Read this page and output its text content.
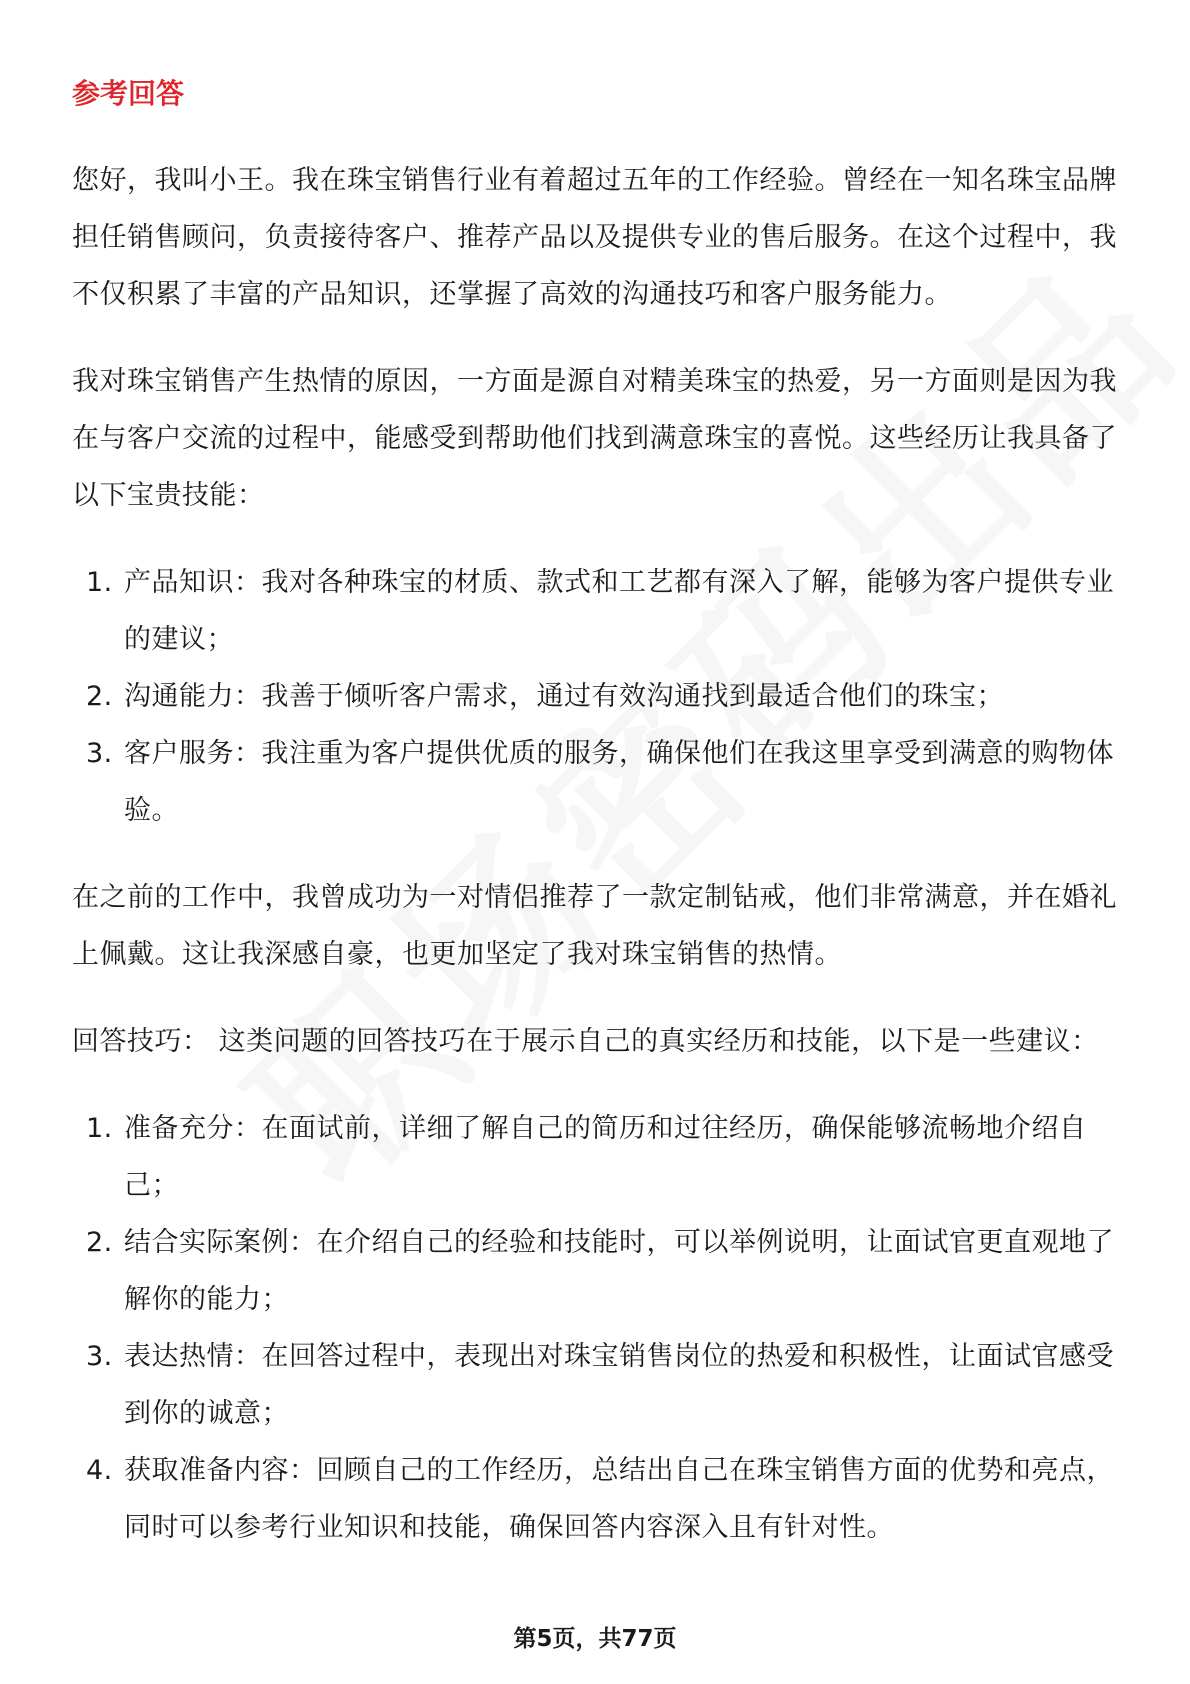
参考回答

您好，我叫小王。我在珠宝销售行业有着超过五年的工作经验。曾经在一知名珠宝品牌担任销售顾问，负责接待客户、推荐产品以及提供专业的售后服务。在这个过程中，我不仅积累了丰富的产品知识，还掌握了高效的沟通技巧和客户服务能力。

我对珠宝销售产生热情的原因，一方面是源自对精美珠宝的热爱，另一方面则是因为我在与客户交流的过程中，能感受到帮助他们找到满意珠宝的喜悦。这些经历让我具备了以下宝贵技能：

1. 产品知识：我对各种珠宝的材质、款式和工艺都有深入了解，能够为客户提供专业的建议；
2. 沟通能力：我善于倾听客户需求，通过有效沟通找到最适合他们的珠宝；
3. 客户服务：我注重为客户提供优质的服务，确保他们在我这里享受到满意的购物体验。

在之前的工作中，我曾成功为一对情侣推荐了一款定制钻戒，他们非常满意，并在婚礼上佩戴。这让我深感自豪，也更加坚定了我对珠宝销售的热情。

回答技巧： 这类问题的回答技巧在于展示自己的真实经历和技能，以下是一些建议：

1. 准备充分：在面试前，详细了解自己的简历和过往经历，确保能够流畅地介绍自己；
2. 结合实际案例：在介绍自己的经验和技能时，可以举例说明，让面试官更直观地了解你的能力；
3. 表达热情：在回答过程中，表现出对珠宝销售岗位的热爱和积极性，让面试官感受到你的诚意；
4. 获取准备内容：回顾自己的工作经历，总结出自己在珠宝销售方面的优势和亮点，同时可以参考行业知识和技能，确保回答内容深入且有针对性。
第5页，共77页
